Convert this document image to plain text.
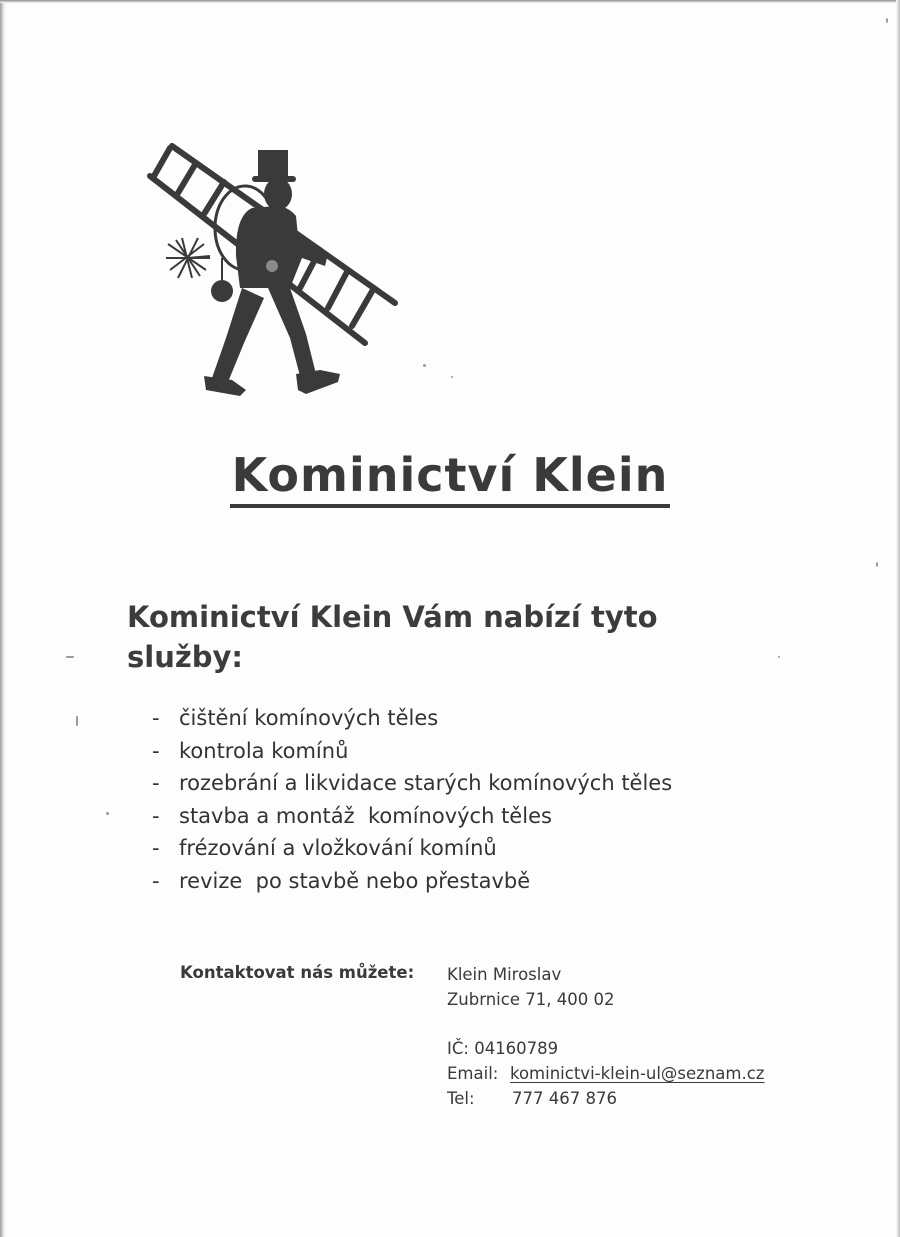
Kominictví Klein
Kominictví Klein Vám nabízí tyto služby:
- čištění komínových těles
- kontrola komínů
- rozebrání a likvidace starých komínových těles
- stavba a montáž  komínových těles
- frézování a vložkování komínů
- revize  po stavbě nebo přestavbě
Kontaktovat nás můžete: Klein Miroslav
Zubrnice 71, 400 02
IČ: 04160789
Email: kominictvi-klein-ul@seznam.cz
Tel: 777 467 876
